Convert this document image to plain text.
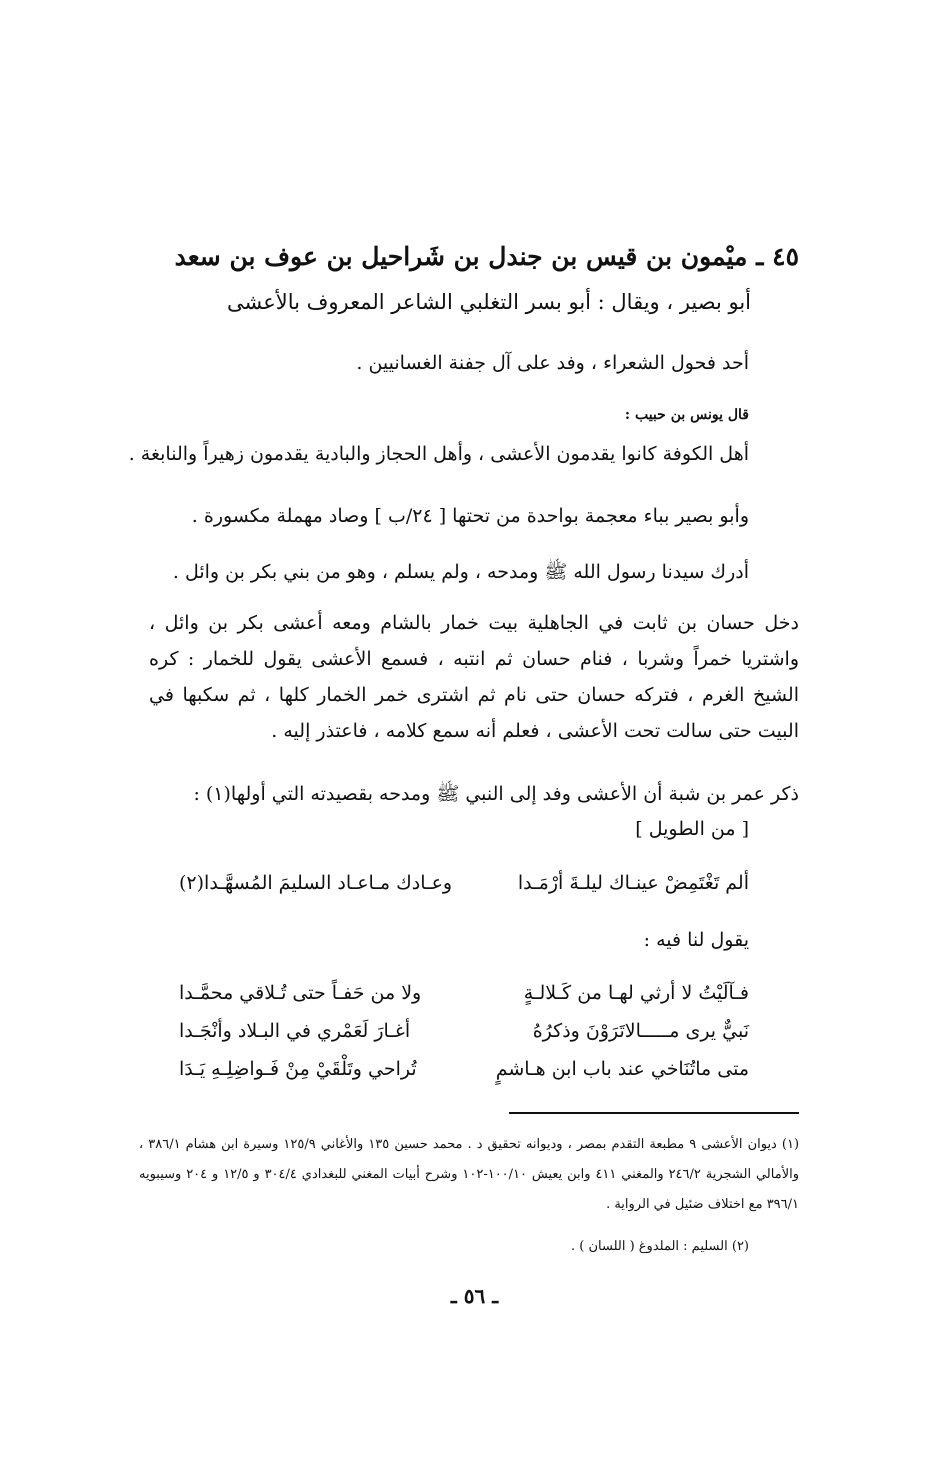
٤٥ ـ ميْمون بن قيس بن جندل بن شَراحيل بن عوف بن سعد
أبو بصير ، ويقال : أبو بسر التغلبي الشاعر المعروف بالأعشى
أحد فحول الشعراء ، وفد على آل جفنة الغسانيين .
قال يونس بن حبيب :
أهل الكوفة كانوا يقدمون الأعشى ، وأهل الحجاز والبادية يقدمون زهيراً والنابغة .
وأبو بصير بباء معجمة بواحدة من تحتها [ ٢٤/ب ] وصاد مهملة مكسورة .
أدرك سيدنا رسول الله ﷺ ومدحه ، ولم يسلم ، وهو من بني بكر بن وائل .
دخل حسان بن ثابت في الجاهلية بيت خمار بالشام ومعه أعشى بكر بن وائل ، واشتريا خمراً وشربا ، فنام حسان ثم انتبه ، فسمع الأعشى يقول للخمار : كره الشيخ الغرم ، فتركه حسان حتى نام ثم اشترى خمر الخمار كلها ، ثم سكبها في البيت حتى سالت تحت الأعشى ، فعلم أنه سمع كلامه ، فاعتذر إليه .
ذكر عمر بن شبة أن الأعشى وفد إلى النبي ﷺ ومدحه بقصيدته التي أولها(١) :
[ من الطويل ]
ألم تَغْتَمِضْ عينـاك ليلـةَ أرْمَـدا
وعـادك مـاعـاد السليمَ المُسهَّـدا(٢)
يقول لنا فيه :
فـآلَيْتُ لا أرثي لهـا من كَـلالـةٍ
ولا من حَفـاً حتى تُـلاقي محمَّـدا
نَبيٌّ يرى مـــــالاتَرَوْنَ وذكرُهُ
أغـارَ لَعَمْري في البـلاد وأنْجَـدا
متى ماتُنَاخي عند باب ابن هـاشمٍ
تُراحي وتَلْقَيْ مِنْ فَـواضِلِـهِ يَـدَا
(١) ديوان الأعشى ٩ مطبعة التقدم بمصر ، وديوانه تحقيق د . محمد حسين ١٣٥ والأغاني ١٢٥/٩ وسيرة ابن هشام ٣٨٦/١ ، والأمالي الشجرية ٢٤٦/٢ والمغني ٤١١ وابن يعيش ١٠٠/١٠-١٠٢ وشرح أبيات المغني للبغدادي ٣٠٤/٤ و ١٢/٥ و ٢٠٤ وسيبويه ٣٩٦/١ مع اختلاف ضئيل في الرواية .
(٢) السليم : الملدوغ ( اللسان ) .
ـ ٥٦ ـ
